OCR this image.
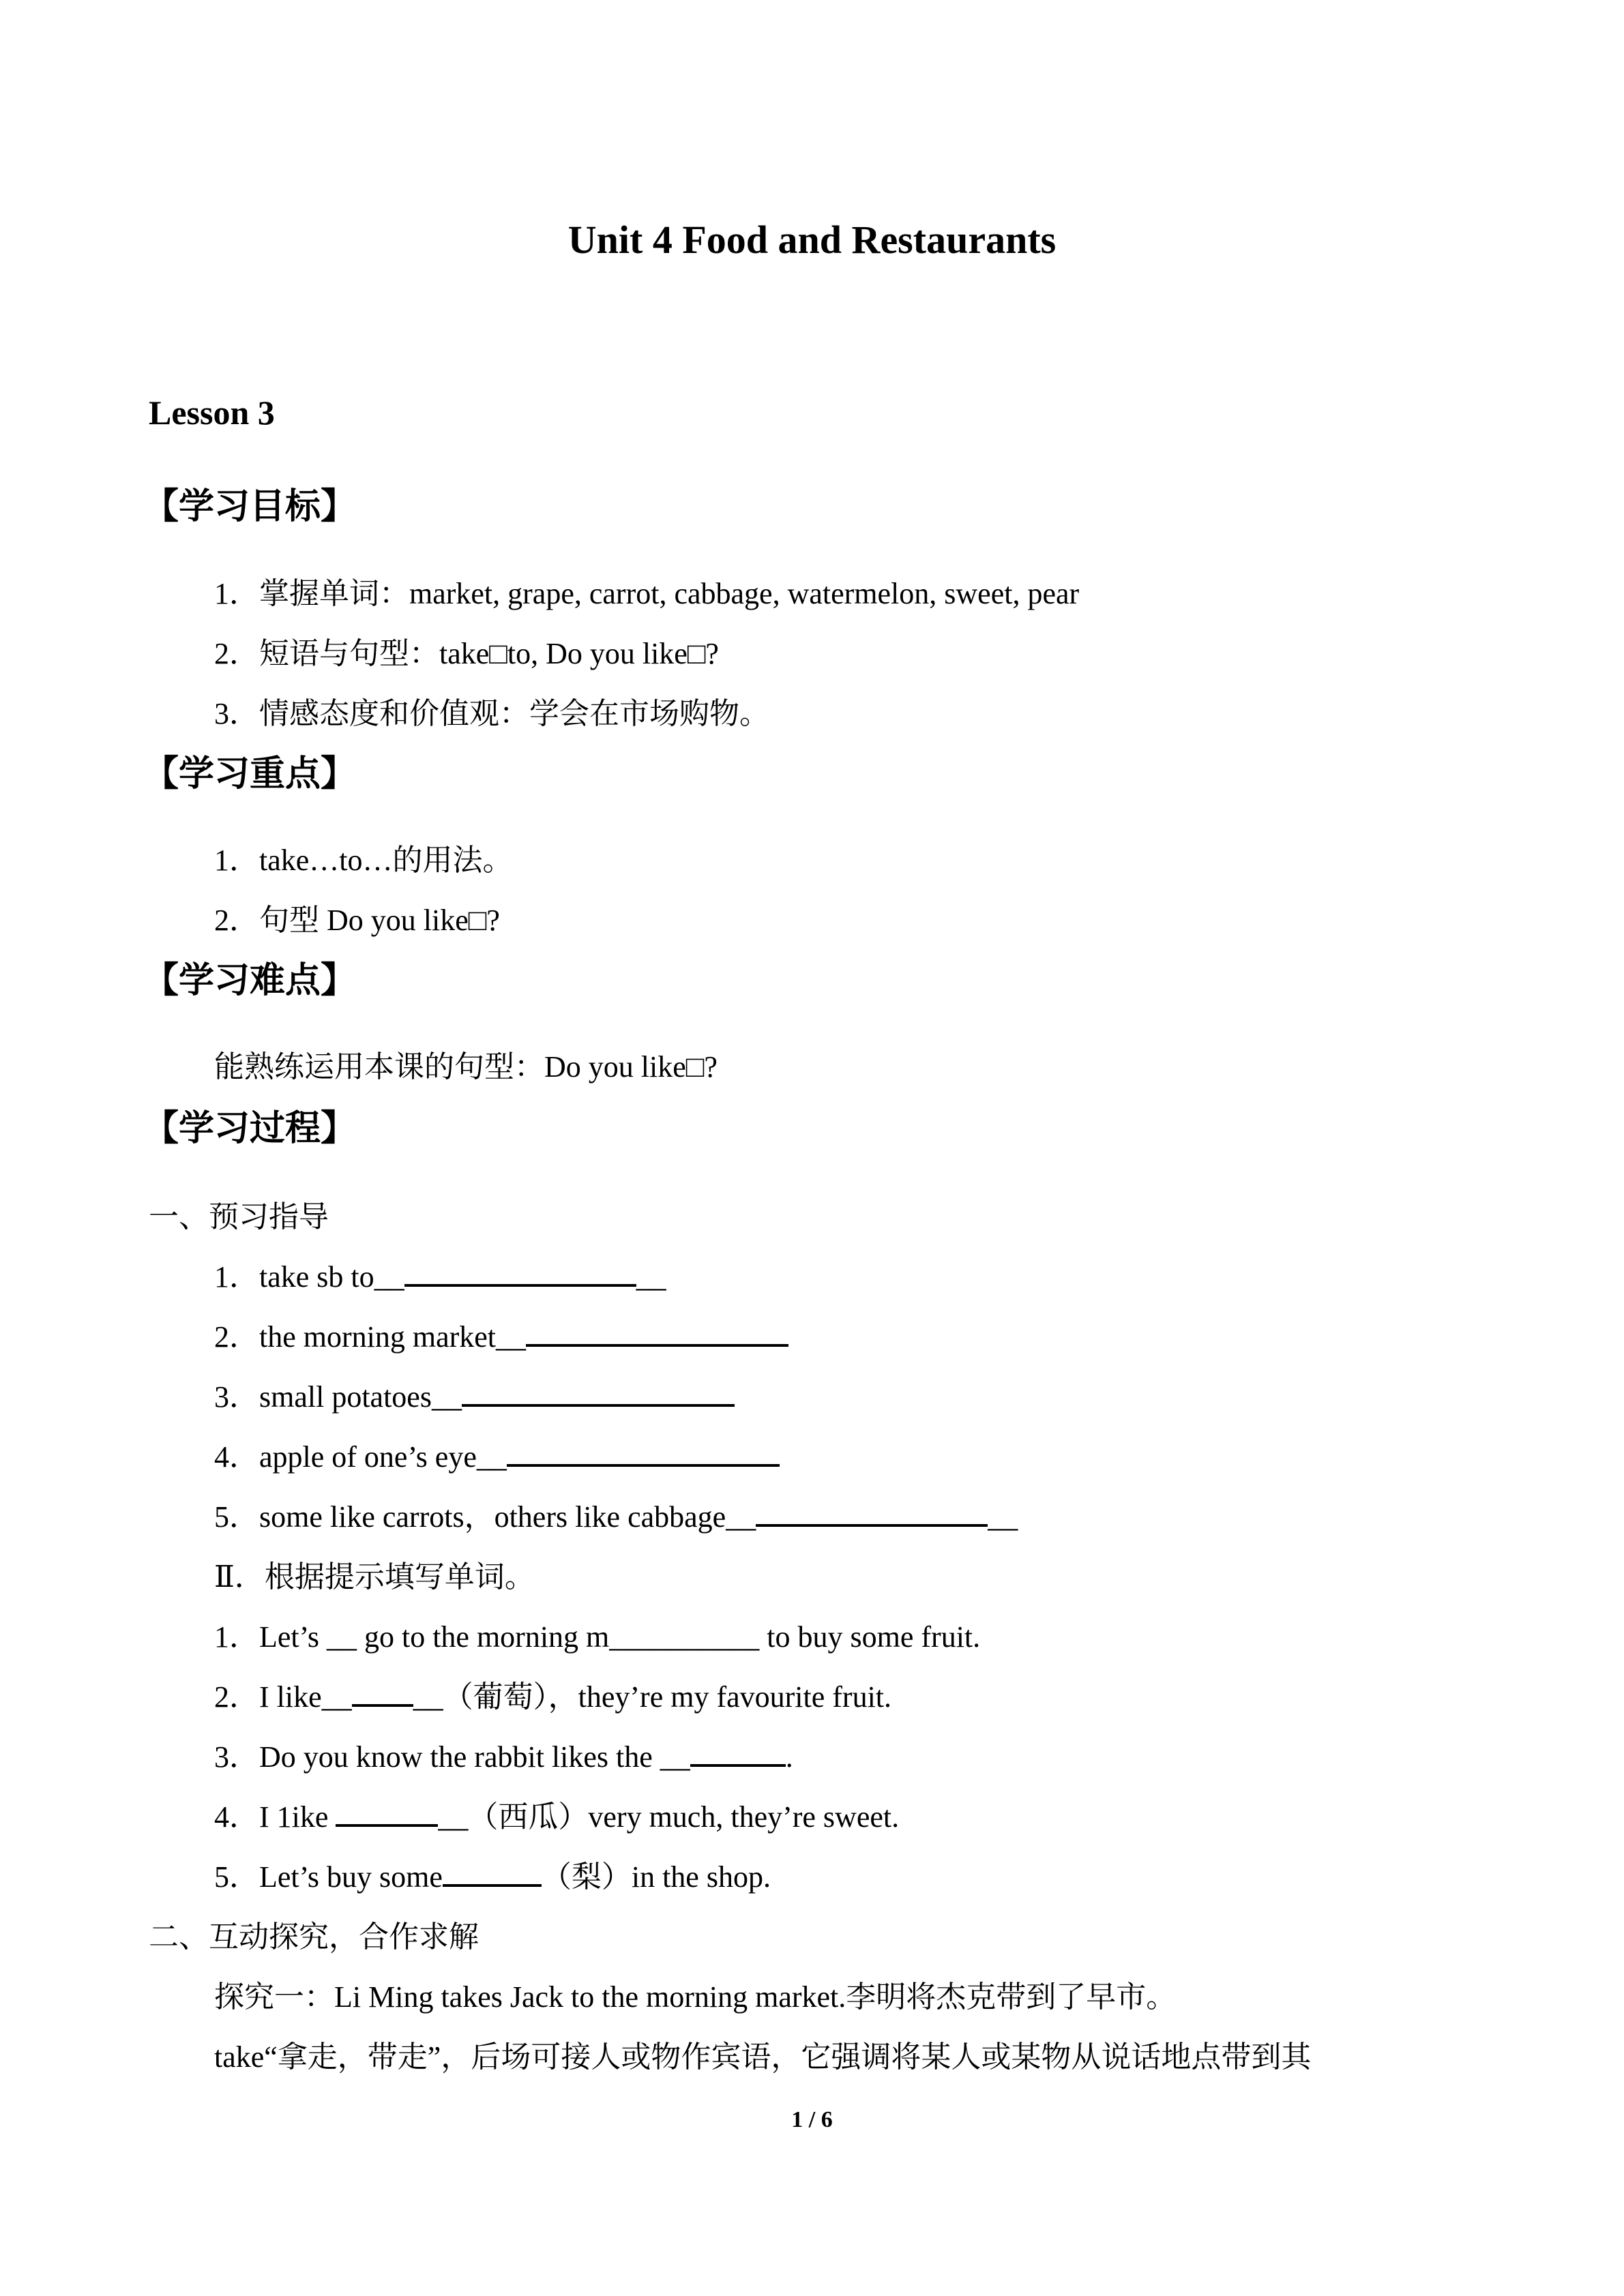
Unit 4 Food and Restaurants
Lesson 3
【学习目标】
1．掌握单词：market, grape, carrot, cabbage, watermelon, sweet, pear
2．短语与句型：take□to, Do you like□?
3．情感态度和价值观：学会在市场购物。
【学习重点】
1．take…to…的用法。
2．句型 Do you like□?
【学习难点】
能熟练运用本课的句型：Do you like□?
【学习过程】
一、预习指导
1．take sb to__	__
2．the morning market__
3．small potatoes__
4．apple of one’s eye__
5．some like carrots，others like cabbage__	__
Ⅱ．根据提示填写单词。
1．Let’s __ go to the morning m__________ to buy some fruit.
2．I like__ __（葡萄），they’re my favourite fruit.
3．Do you know the rabbit likes the __	.
4．I 1ike	__（西瓜）very much, they’re sweet.
5．Let’s buy some	（梨）in the shop.
二、互动探究，合作求解
探究一：Li Ming takes Jack to the morning market.李明将杰克带到了早市。
take“拿走，带走”，后场可接人或物作宾语，它强调将某人或某物从说话地点带到其
1 / 6
